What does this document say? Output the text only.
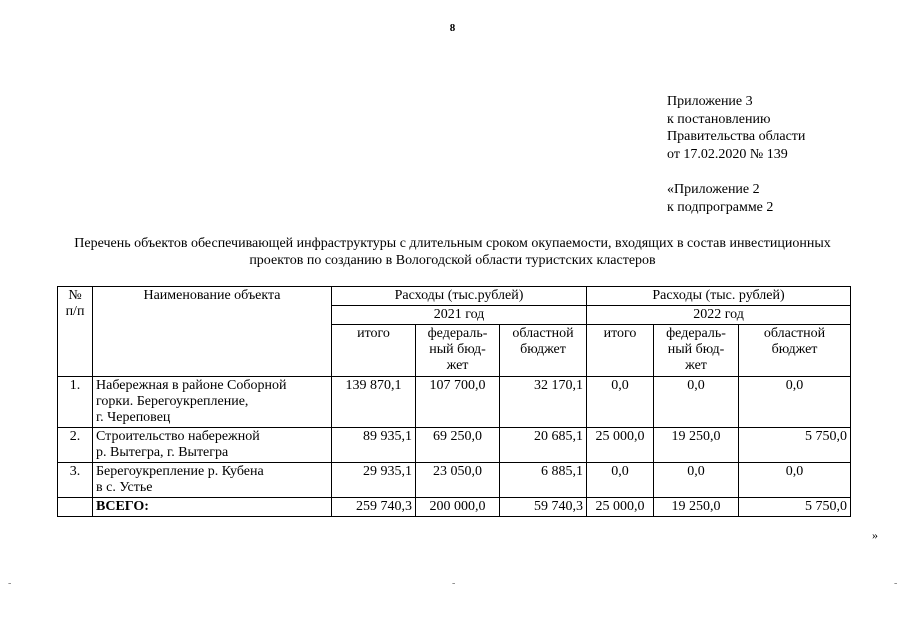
8
Приложение 3
к постановлению
Правительства области
от 17.02.2020 № 139
«Приложение 2
к подпрограмме 2
Перечень объектов обеспечивающей инфраструктуры с длительным сроком окупаемости, входящих в состав инвестиционных
проектов по созданию в Вологодской области туристских кластеров
№ п/п	Наименование объекта	Расходы (тыс.рублей)			Расходы (тыс. рублей)		
		2021 год			2022 год		
		итого	федераль-ный бюд-жет	областной бюджет	итого	федераль-ный бюд-жет	областной бюджет
1.	Набережная в районе Соборной
горки. Берегоукрепление,
г. Череповец	139 870,1	107 700,0	32 170,1	0,0	0,0	0,0
2.	Строительство набережной
р. Вытегра, г. Вытегра	89 935,1	69 250,0	20 685,1	25 000,0	19 250,0	5 750,0
3.	Берегоукрепление р. Кубена
в с. Устье	29 935,1	23 050,0	6 885,1	0,0	0,0	0,0
	ВСЕГО:	259 740,3	200 000,0	59 740,3	25 000,0	19 250,0	5 750,0
»
-	-	-
